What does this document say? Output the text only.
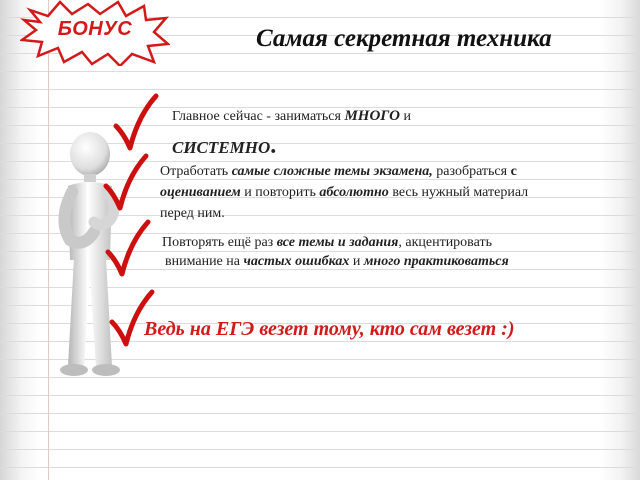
БОНУС	Самая секретная техника
Главное сейчас - заниматься МНОГО и
СИСТЕМНО.
Отработать самые сложные темы экзамена, разобраться с
оцениванием и повторить абсолютно весь нужный материал
перед ним.
Повторять ещё раз все темы и задания, акцентировать
внимание на частых ошибках и много практиковаться
Ведь на ЕГЭ везет тому, кто сам везет :)
